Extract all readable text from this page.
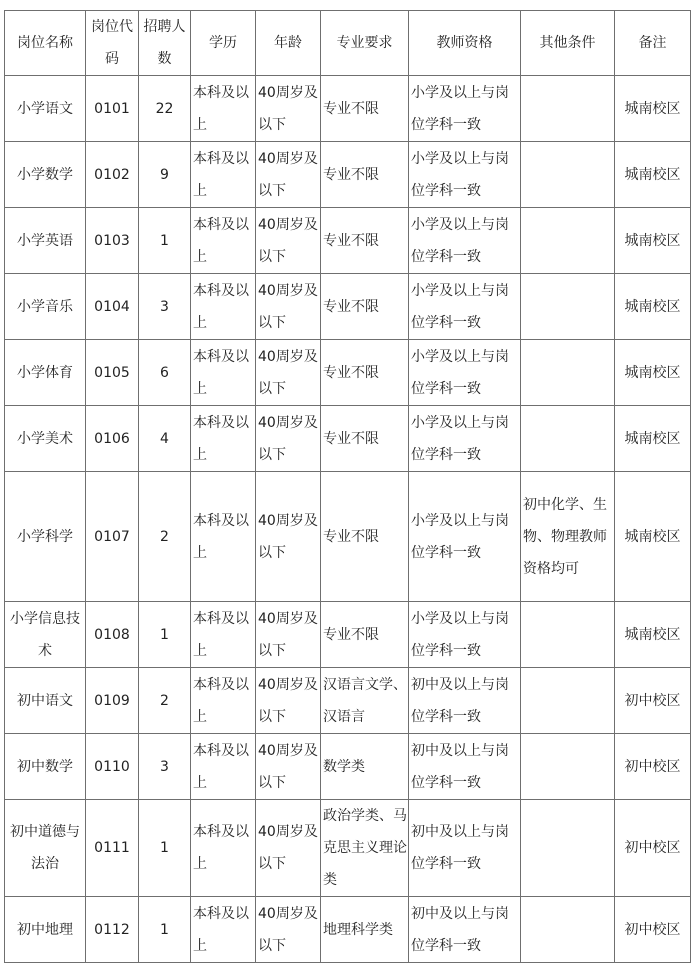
岗位名称	岗位代码	招聘人数	学历	年龄	专业要求	教师资格	其他条件	备注
小学语文	0101	22	本科及以上	40周岁及以下	专业不限	小学及以上与岗位学科一致		城南校区
小学数学	0102	9	本科及以上	40周岁及以下	专业不限	小学及以上与岗位学科一致		城南校区
小学英语	0103	1	本科及以上	40周岁及以下	专业不限	小学及以上与岗位学科一致		城南校区
小学音乐	0104	3	本科及以上	40周岁及以下	专业不限	小学及以上与岗位学科一致		城南校区
小学体育	0105	6	本科及以上	40周岁及以下	专业不限	小学及以上与岗位学科一致		城南校区
小学美术	0106	4	本科及以上	40周岁及以下	专业不限	小学及以上与岗位学科一致		城南校区
小学科学	0107	2	本科及以上	40周岁及以下	专业不限	小学及以上与岗位学科一致	初中化学、生物、物理教师资格均可	城南校区
小学信息技术	0108	1	本科及以上	40周岁及以下	专业不限	小学及以上与岗位学科一致		城南校区
初中语文	0109	2	本科及以上	40周岁及以下	汉语言文学、汉语言	初中及以上与岗位学科一致		初中校区
初中数学	0110	3	本科及以上	40周岁及以下	数学类	初中及以上与岗位学科一致		初中校区
初中道德与法治	0111	1	本科及以上	40周岁及以下	政治学类、马克思主义理论类	初中及以上与岗位学科一致		初中校区
初中地理	0112	1	本科及以上	40周岁及以下	地理科学类	初中及以上与岗位学科一致		初中校区
